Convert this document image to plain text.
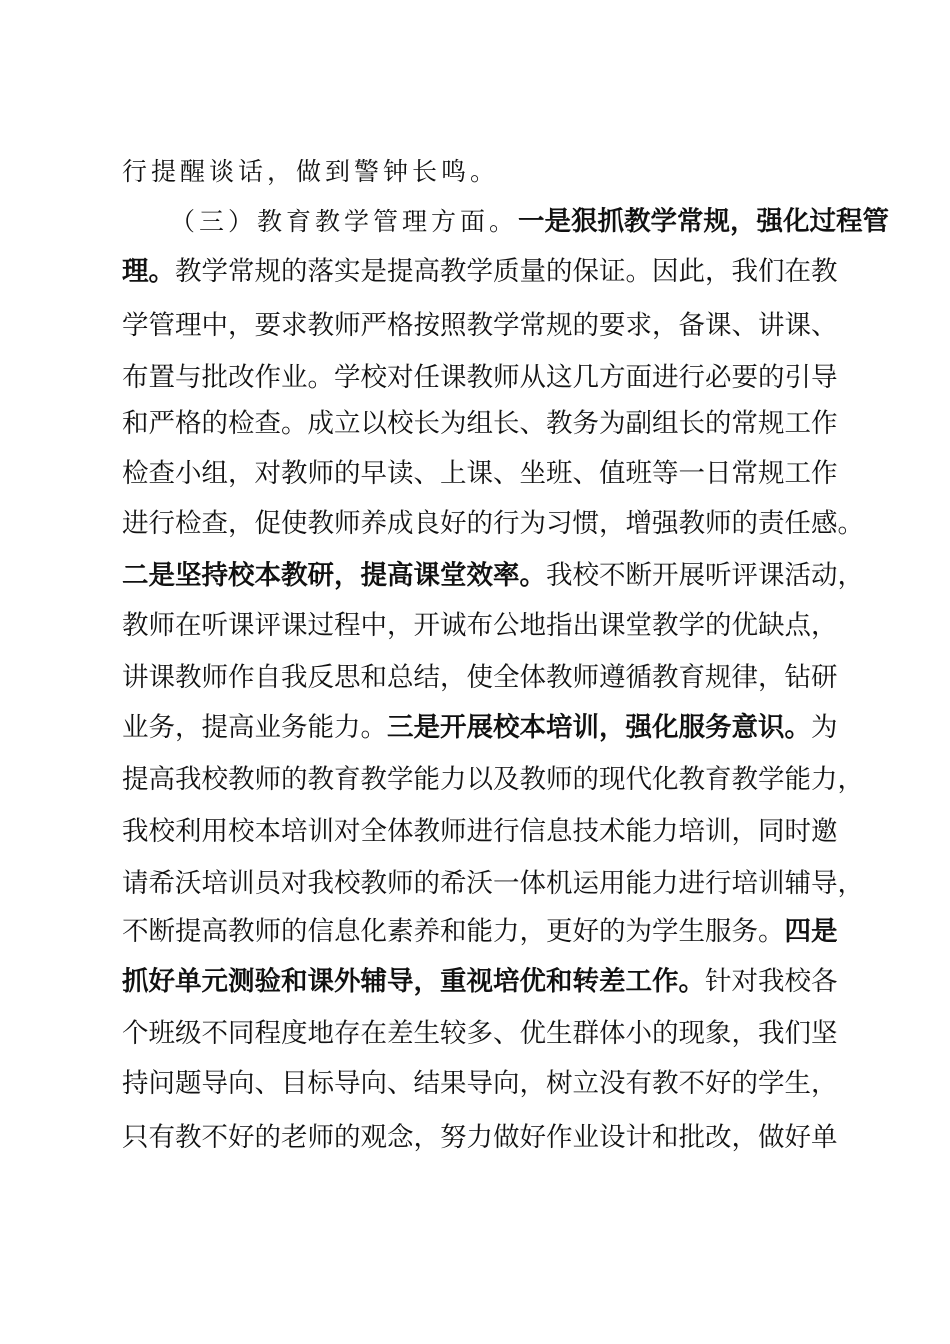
行提醒谈话，做到警钟长鸣。
（三）教育教学管理方面。一是狠抓教学常规，强化过程管
理。教学常规的落实是提高教学质量的保证。因此，我们在教
学管理中，要求教师严格按照教学常规的要求，备课、讲课、
布置与批改作业。学校对任课教师从这几方面进行必要的引导
和严格的检查。成立以校长为组长、教务为副组长的常规工作
检查小组，对教师的早读、上课、坐班、值班等一日常规工作
进行检查，促使教师养成良好的行为习惯，增强教师的责任感。
二是坚持校本教研，提高课堂效率。我校不断开展听评课活动，
教师在听课评课过程中，开诚布公地指出课堂教学的优缺点，
讲课教师作自我反思和总结，使全体教师遵循教育规律，钻研
业务，提高业务能力。三是开展校本培训，强化服务意识。为
提高我校教师的教育教学能力以及教师的现代化教育教学能力，
我校利用校本培训对全体教师进行信息技术能力培训，同时邀
请希沃培训员对我校教师的希沃一体机运用能力进行培训辅导，
不断提高教师的信息化素养和能力，更好的为学生服务。四是
抓好单元测验和课外辅导，重视培优和转差工作。针对我校各
个班级不同程度地存在差生较多、优生群体小的现象，我们坚
持问题导向、目标导向、结果导向，树立没有教不好的学生，
只有教不好的老师的观念，努力做好作业设计和批改，做好单
